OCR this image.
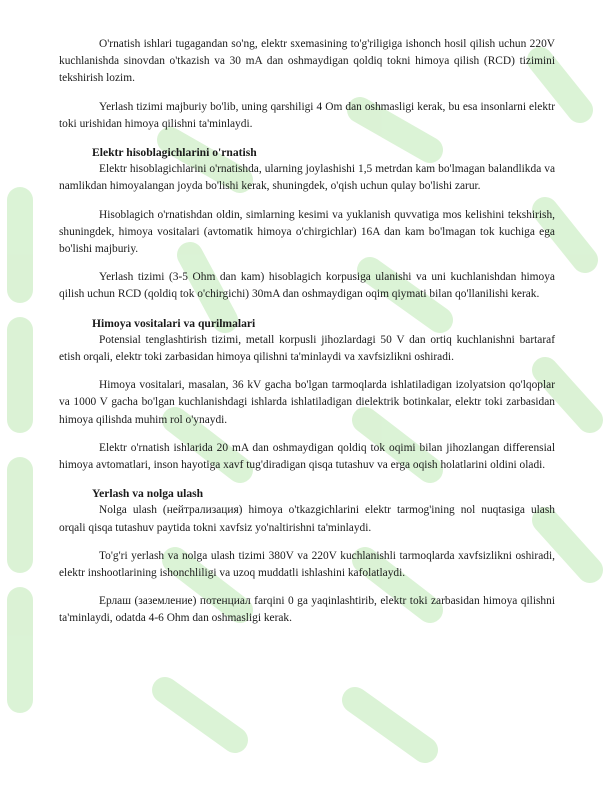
O'rnatish ishlari tugagandan so'ng, elektr sxemasining to'g'riligiga ishonch hosil qilish uchun 220V kuchlanishda sinovdan o'tkazish va 30 mA dan oshmaydigan qoldiq tokni himoya qilish (RCD) tizimini tekshirish lozim.

Yerlash tizimi majburiy bo'lib, uning qarshiligi 4 Om dan oshmasligi kerak, bu esa insonlarni elektr toki urishidan himoya qilishni ta'minlaydi.

Elektr hisoblagichlarini o'rnatish

Elektr hisoblagichlarini o'rnatishda, ularning joylashishi 1,5 metrdan kam bo'lmagan balandlikda va namlikdan himoyalangan joyda bo'lishi kerak, shuningdek, o'qish uchun qulay bo'lishi zarur.

Hisoblagich o'rnatishdan oldin, simlarning kesimi va yuklanish quvvatiga mos kelishini tekshirish, shuningdek, himoya vositalari (avtomatik himoya o'chirgichlar) 16A dan kam bo'lmagan tok kuchiga ega bo'lishi majburiy.

Yerlash tizimi (3-5 Ohm dan kam) hisoblagich korpusiga ulanishi va uni kuchlanishdan himoya qilish uchun RCD (qoldiq tok o'chirgichi) 30mA dan oshmaydigan oqim qiymati bilan qo'llanilishi kerak.

Himoya vositalari va qurilmalari

Potensial tenglashtirish tizimi, metall korpusli jihozlardagi 50 V dan ortiq kuchlanishni bartaraf etish orqali, elektr toki zarbasidan himoya qilishni ta'minlaydi va xavfsizlikni oshiradi.

Himoya vositalari, masalan, 36 kV gacha bo'lgan tarmoqlarda ishlatiladigan izolyatsion qo'lqoplar va 1000 V gacha bo'lgan kuchlanishdagi ishlarda ishlatiladigan dielektrik botinkalar, elektr toki zarbasidan himoya qilishda muhim rol o'ynaydi.

Elektr o'rnatish ishlarida 20 mA dan oshmaydigan qoldiq tok oqimi bilan jihozlangan differensial himoya avtomatlari, inson hayotiga xavf tug'diradigan qisqa tutashuv va erga oqish holatlarini oldini oladi.

Yerlash va nolga ulash

Nolga ulash (нейтрализация) himoya o'tkazgichlarini elektr tarmog'ining nol nuqtasiga ulash orqali qisqa tutashuv paytida tokni xavfsiz yo'naltirishni ta'minlaydi.

To'g'ri yerlash va nolga ulash tizimi 380V va 220V kuchlanishli tarmoqlarda xavfsizlikni oshiradi, elektr inshootlarining ishonchliligi va uzoq muddatli ishlashini kafolatlaydi.

Ерлаш (заземление) потенциал farqini 0 ga yaqinlashtirib, elektr toki zarbasidan himoya qilishni ta'minlaydi, odatda 4-6 Ohm dan oshmasligi kerak.
